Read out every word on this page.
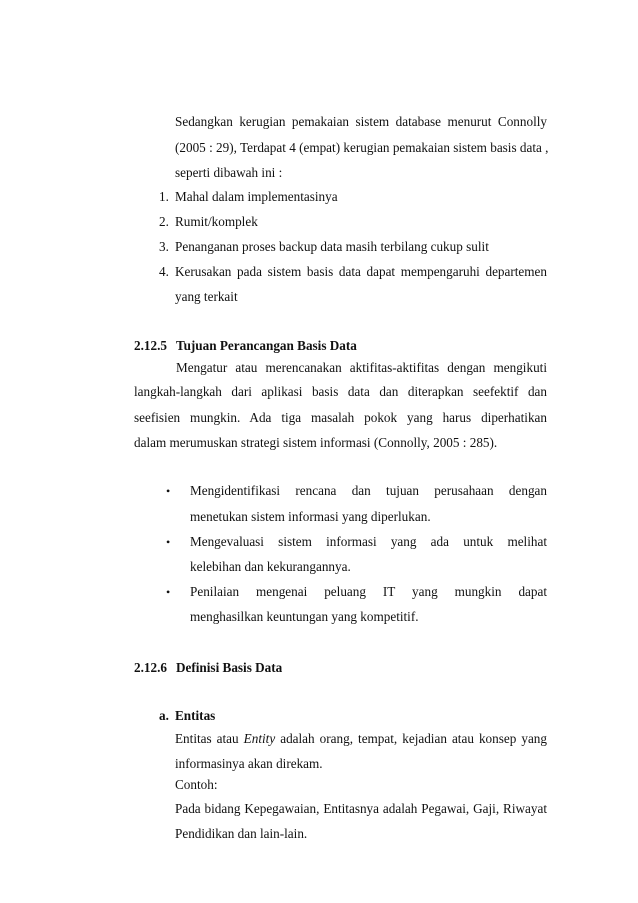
Sedangkan kerugian pemakaian sistem database menurut Connolly
(2005 : 29), Terdapat 4 (empat) kerugian pemakaian sistem basis data ,
seperti dibawah ini :
1. Mahal dalam implementasinya
2. Rumit/komplek
3. Penanganan proses backup data masih terbilang cukup sulit
4. Kerusakan pada sistem basis data dapat mempengaruhi departemen
yang terkait
2.12.5 Tujuan Perancangan Basis Data
Mengatur atau merencanakan aktifitas-aktifitas dengan mengikuti
langkah-langkah dari aplikasi basis data dan diterapkan seefektif dan
seefisien mungkin. Ada tiga masalah pokok yang harus diperhatikan
dalam merumuskan strategi sistem informasi (Connolly, 2005 : 285).
• Mengidentifikasi rencana dan tujuan perusahaan dengan
menetukan sistem informasi yang diperlukan.
• Mengevaluasi sistem informasi yang ada untuk melihat
kelebihan dan kekurangannya.
• Penilaian mengenai peluang IT yang mungkin dapat
menghasilkan keuntungan yang kompetitif.
2.12.6 Definisi Basis Data
a. Entitas
Entitas atau Entity adalah orang, tempat, kejadian atau konsep yang
informasinya akan direkam.
Contoh:
Pada bidang Kepegawaian, Entitasnya adalah Pegawai, Gaji, Riwayat
Pendidikan dan lain-lain.
